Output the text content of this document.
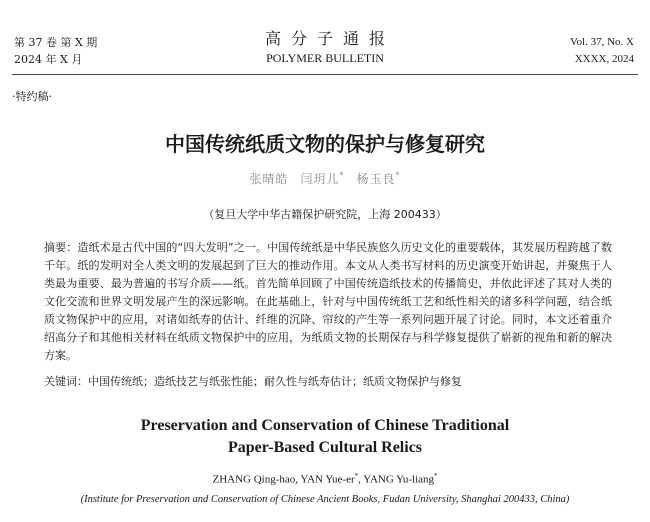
第 37 卷 第 X 期
2024 年 X 月
高分子通报
POLYMER BULLETIN
Vol. 37, No. X
XXXX, 2024
·特约稿·
中国传统纸质文物的保护与修复研究
张晴皓 闫玥儿* 杨玉良*
（复旦大学中华古籍保护研究院，上海 200433）
摘要：造纸术是古代中国的“四大发明”之一。中国传统纸是中华民族悠久历史文化的重要载体，其发展历程跨越了数千年。纸的发明对全人类文明的发展起到了巨大的推动作用。本文从人类书写材料的历史演变开始讲起，并聚焦于人类最为重要、最为普遍的书写介质——纸。首先简单回顾了中国传统造纸技术的传播简史，并依此评述了其对人类的文化交流和世界文明发展产生的深远影响。在此基础上，针对与中国传统纸工艺和纸性相关的诸多科学问题，结合纸质文物保护中的应用，对诸如纸寿的估计、纤维的沉降、帘纹的产生等一系列问题开展了讨论。同时，本文还着重介绍高分子和其他相关材料在纸质文物保护中的应用，为纸质文物的长期保存与科学修复提供了崭新的视角和新的解决方案。
关键词：中国传统纸；造纸技艺与纸张性能；耐久性与纸寿估计；纸质文物保护与修复
Preservation and Conservation of Chinese Traditional
Paper-Based Cultural Relics
ZHANG Qing-hao, YAN Yue-er*, YANG Yu-liang*
(Institute for Preservation and Conservation of Chinese Ancient Books, Fudan University, Shanghai 200433, China)
